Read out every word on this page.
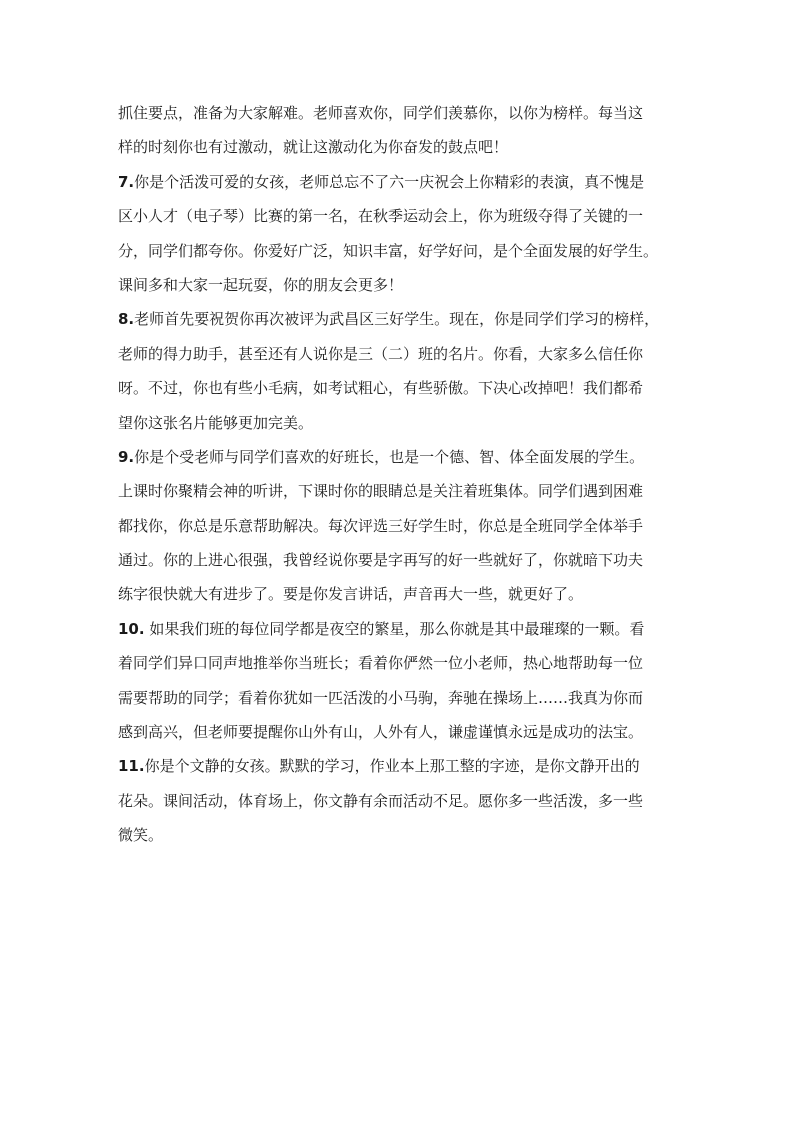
抓住要点，准备为大家解难。老师喜欢你，同学们羡慕你，以你为榜样。每当这
样的时刻你也有过激动，就让这激动化为你奋发的鼓点吧！
7.你是个活泼可爱的女孩，老师总忘不了六一庆祝会上你精彩的表演，真不愧是
区小人才（电子琴）比赛的第一名，在秋季运动会上，你为班级夺得了关键的一
分，同学们都夸你。你爱好广泛，知识丰富，好学好问，是个全面发展的好学生。
课间多和大家一起玩耍，你的朋友会更多！
8.老师首先要祝贺你再次被评为武昌区三好学生。现在，你是同学们学习的榜样，
老师的得力助手，甚至还有人说你是三（二）班的名片。你看，大家多么信任你
呀。不过，你也有些小毛病，如考试粗心，有些骄傲。下决心改掉吧！我们都希
望你这张名片能够更加完美。
9.你是个受老师与同学们喜欢的好班长，也是一个德、智、体全面发展的学生。
上课时你聚精会神的听讲，下课时你的眼睛总是关注着班集体。同学们遇到困难
都找你，你总是乐意帮助解决。每次评选三好学生时，你总是全班同学全体举手
通过。你的上进心很强，我曾经说你要是字再写的好一些就好了，你就暗下功夫
练字很快就大有进步了。要是你发言讲话，声音再大一些，就更好了。
10. 如果我们班的每位同学都是夜空的繁星，那么你就是其中最璀璨的一颗。看
着同学们异口同声地推举你当班长；看着你俨然一位小老师，热心地帮助每一位
需要帮助的同学；看着你犹如一匹活泼的小马驹，奔驰在操场上……我真为你而
感到高兴，但老师要提醒你山外有山，人外有人，谦虚谨慎永远是成功的法宝。
11.你是个文静的女孩。默默的学习，作业本上那工整的字迹，是你文静开出的
花朵。课间活动，体育场上，你文静有余而活动不足。愿你多一些活泼，多一些
微笑。
